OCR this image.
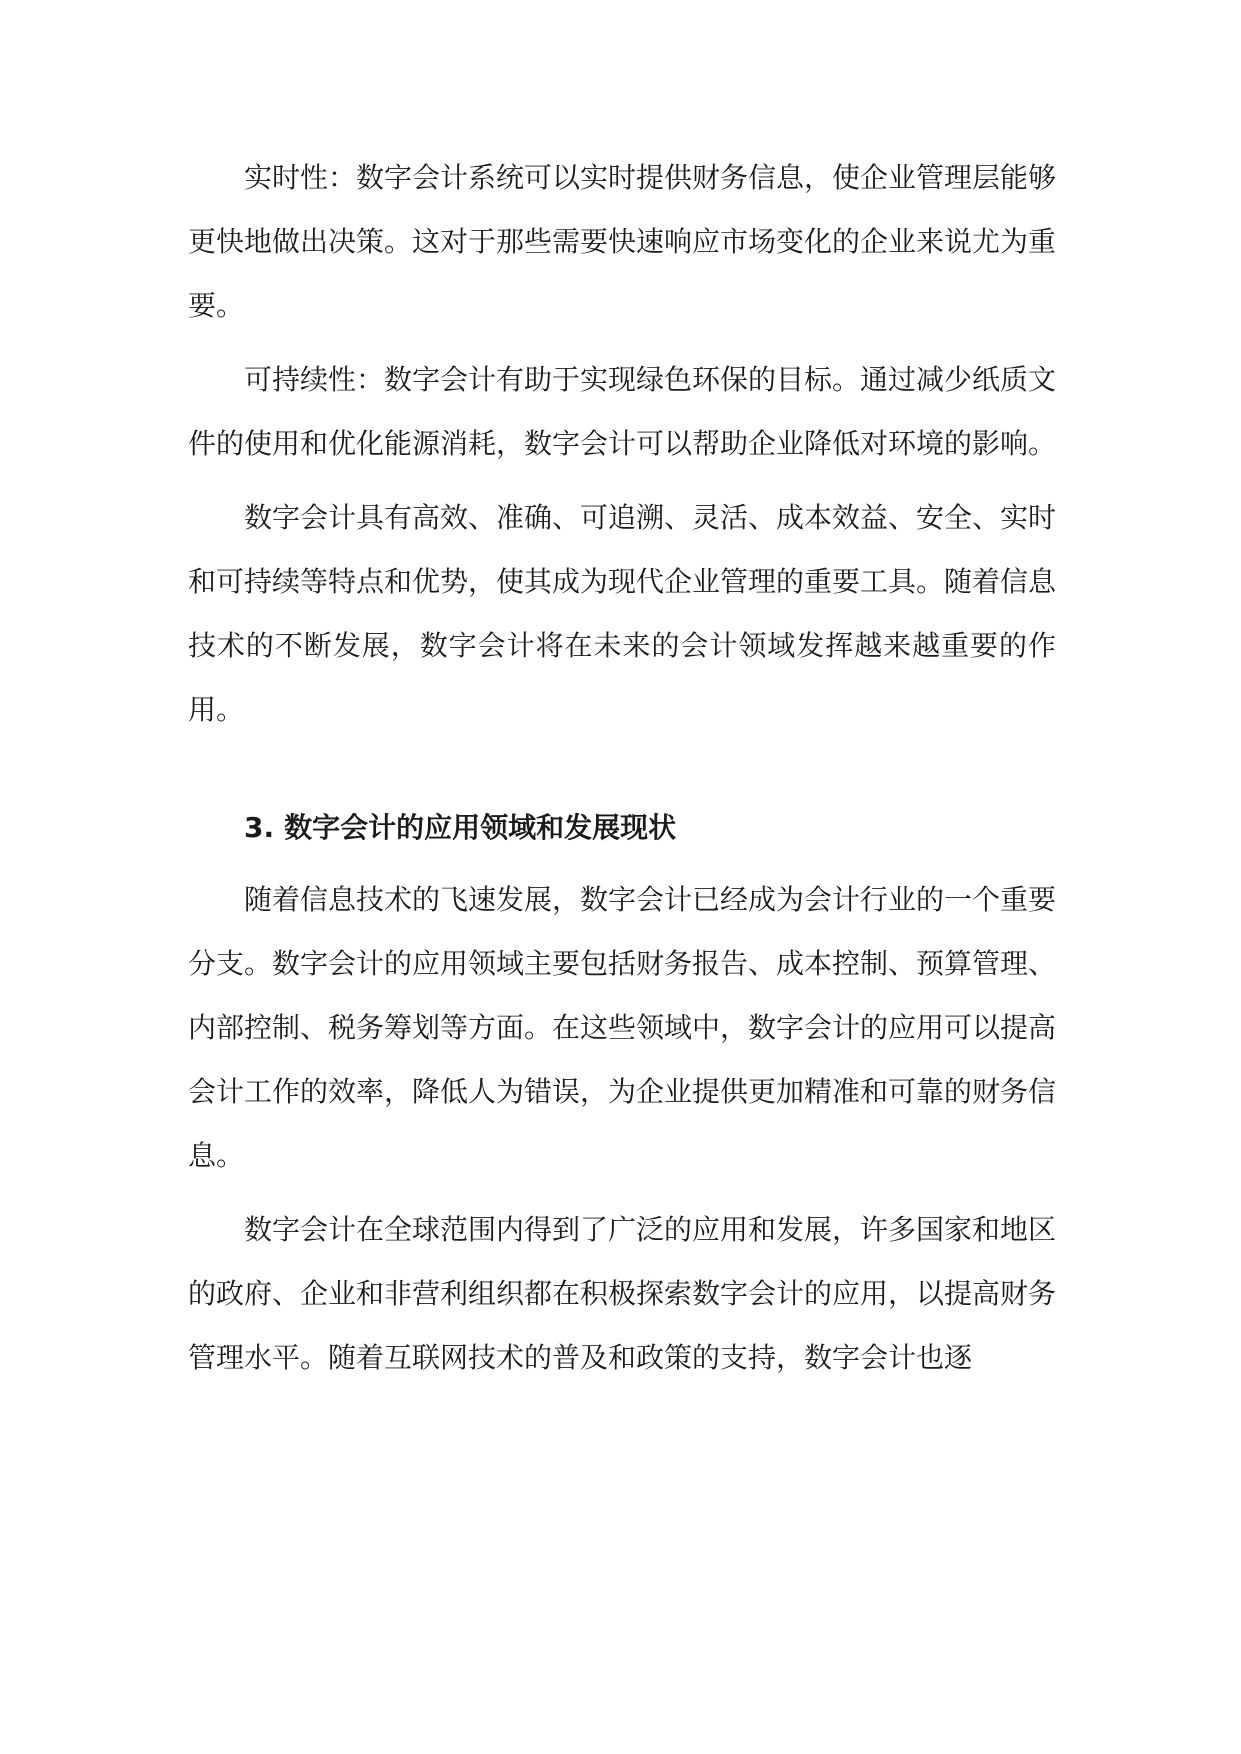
实时性：数字会计系统可以实时提供财务信息，使企业管理层能够更快地做出决策。这对于那些需要快速响应市场变化的企业来说尤为重要。

可持续性：数字会计有助于实现绿色环保的目标。通过减少纸质文件的使用和优化能源消耗，数字会计可以帮助企业降低对环境的影响。

数字会计具有高效、准确、可追溯、灵活、成本效益、安全、实时和可持续等特点和优势，使其成为现代企业管理的重要工具。随着信息技术的不断发展，数字会计将在未来的会计领域发挥越来越重要的作用。

3. 数字会计的应用领域和发展现状

随着信息技术的飞速发展，数字会计已经成为会计行业的一个重要分支。数字会计的应用领域主要包括财务报告、成本控制、预算管理、内部控制、税务筹划等方面。在这些领域中，数字会计的应用可以提高会计工作的效率，降低人为错误，为企业提供更加精准和可靠的财务信息。

数字会计在全球范围内得到了广泛的应用和发展，许多国家和地区的政府、企业和非营利组织都在积极探索数字会计的应用，以提高财务管理水平。随着互联网技术的普及和政策的支持，数字会计也逐
